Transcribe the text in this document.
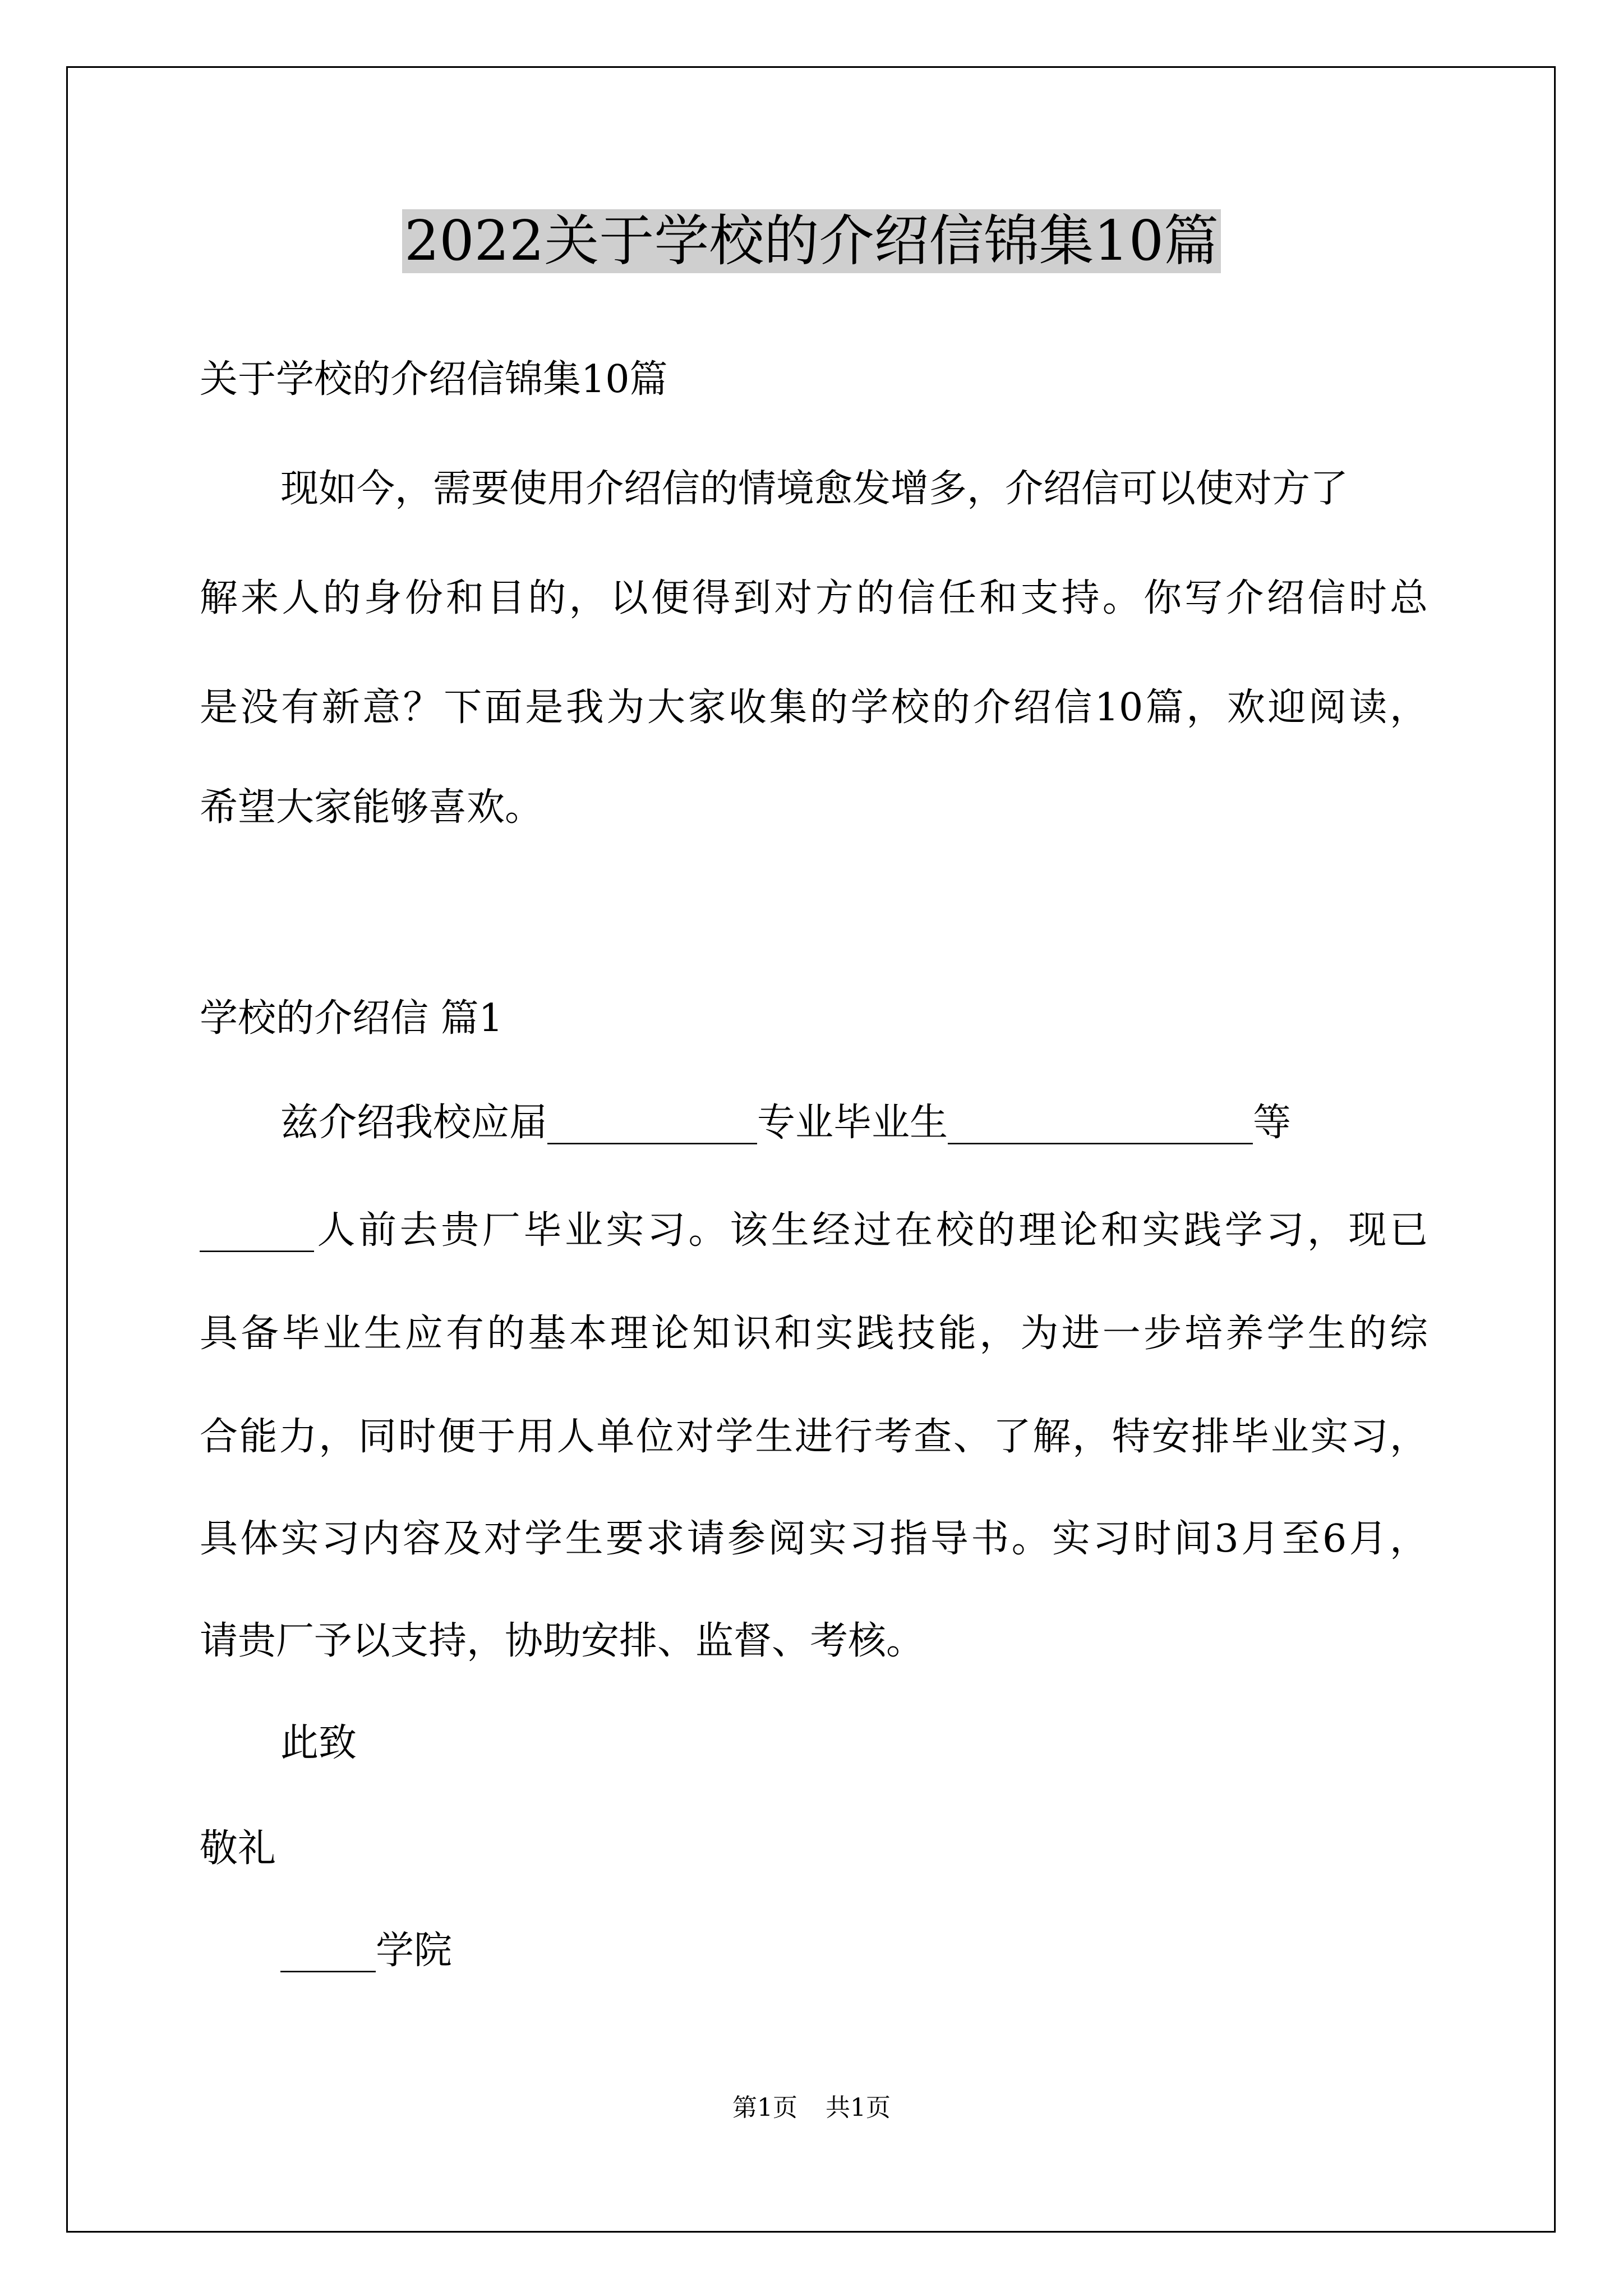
2022关于学校的介绍信锦集10篇
关于学校的介绍信锦集10篇
现如今，需要使用介绍信的情境愈发增多，介绍信可以使对方了
解来人的身份和目的，以便得到对方的信任和支持。你写介绍信时总
是没有新意？下面是我为大家收集的学校的介绍信10篇，欢迎阅读，
希望大家能够喜欢。
学校的介绍信 篇1
兹介绍我校应届___________专业毕业生________________等
______人前去贵厂毕业实习。该生经过在校的理论和实践学习，现已
具备毕业生应有的基本理论知识和实践技能，为进一步培养学生的综
合能力，同时便于用人单位对学生进行考查、了解，特安排毕业实习，
具体实习内容及对学生要求请参阅实习指导书。实习时间3月至6月，
请贵厂予以支持，协助安排、监督、考核。
此致
敬礼
_____学院
第1页 共1页
